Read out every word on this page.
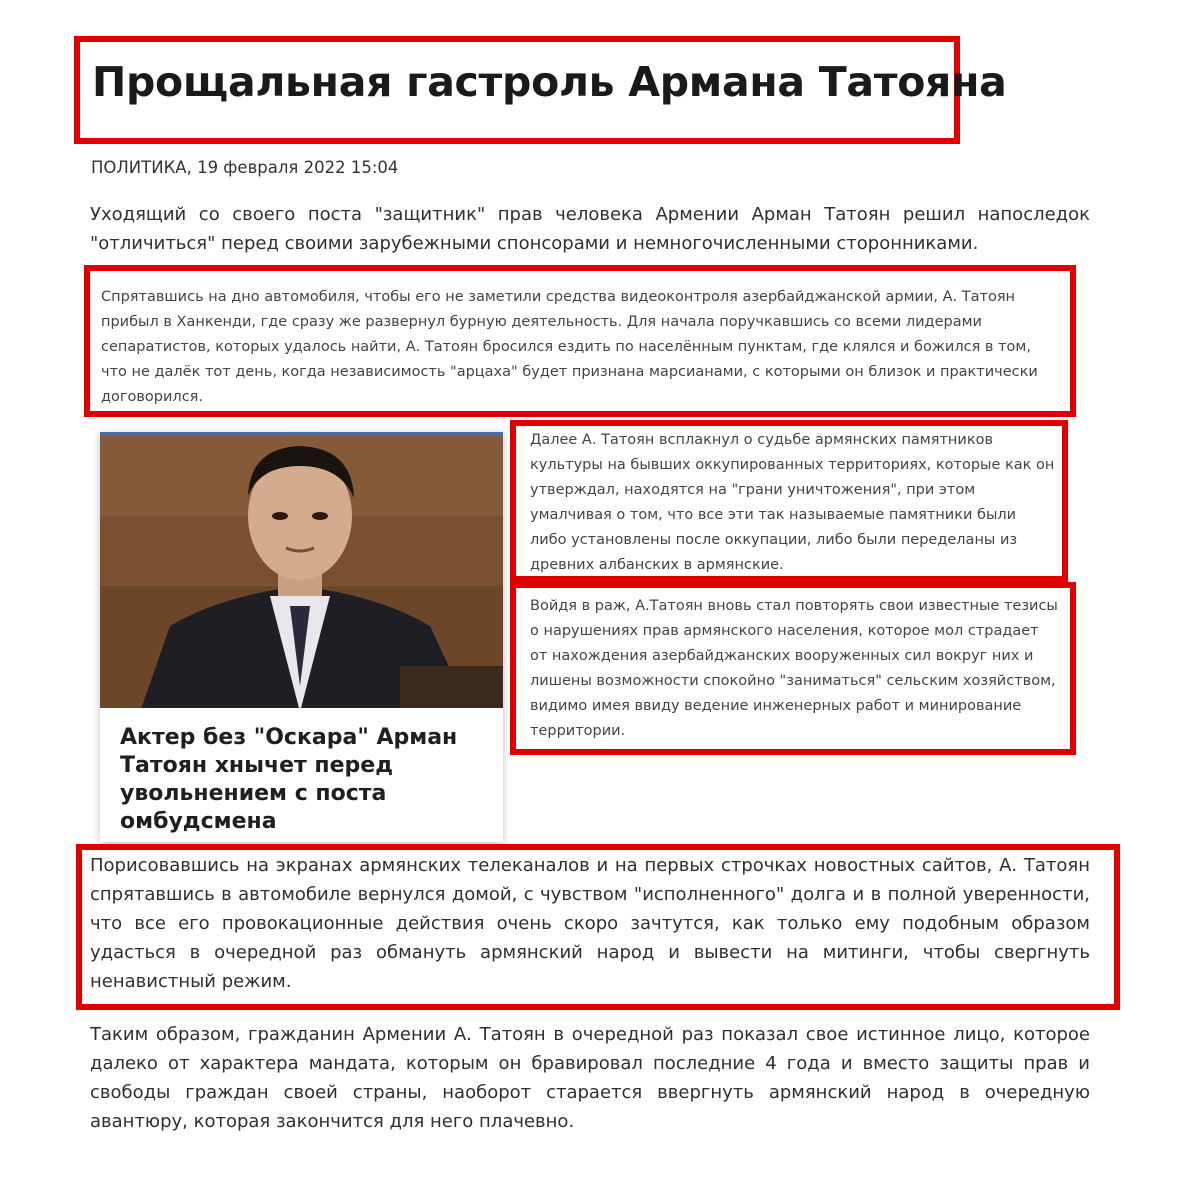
Прощальная гастроль Армана Татояна
ПОЛИТИКА, 19 февраля 2022 15:04
Уходящий со своего поста "защитник" прав человека Армении Арман Татоян решил напоследок "отличиться" перед своими зарубежными спонсорами и немногочисленными сторонниками.
Спрятавшись на дно автомобиля, чтобы его не заметили средства видеоконтроля азербайджанской армии, А. Татоян прибыл в Ханкенди, где сразу же развернул бурную деятельность. Для начала поручкавшись со всеми лидерами сепаратистов, которых удалось найти, А. Татоян бросился ездить по населённым пунктам, где клялся и божился в том, что не далёк тот день, когда независимость "арцаха" будет признана марсианами, с которыми он близок и практически договорился.
Актер без "Оскара" Арман Татоян хнычет перед увольнением с поста омбудсмена
Далее А. Татоян всплакнул о судьбе армянских памятников культуры на бывших оккупированных территориях, которые как он утверждал, находятся на "грани уничтожения", при этом умалчивая о том, что все эти так называемые памятники были либо установлены после оккупации, либо были переделаны из древних албанских в армянские.
Войдя в раж, А.Татоян вновь стал повторять свои известные тезисы о нарушениях прав армянского населения, которое мол страдает от нахождения азербайджанских вооруженных сил вокруг них и лишены возможности спокойно "заниматься" сельским хозяйством, видимо имея ввиду ведение инженерных работ и минирование территории.
Порисовавшись на экранах армянских телеканалов и на первых строчках новостных сайтов, А. Татоян спрятавшись в автомобиле вернулся домой, с чувством "исполненного" долга и в полной уверенности, что все его провокационные действия очень скоро зачтутся, как только ему подобным образом удасться в очередной раз обмануть армянский народ и вывести на митинги, чтобы свергнуть ненавистный режим.
Таким образом, гражданин Армении А. Татоян в очередной раз показал свое истинное лицо, которое далеко от характера мандата, которым он бравировал последние 4 года и вместо защиты прав и свободы граждан своей страны, наоборот старается ввергнуть армянский народ в очередную авантюру, которая закончится для него плачевно.
